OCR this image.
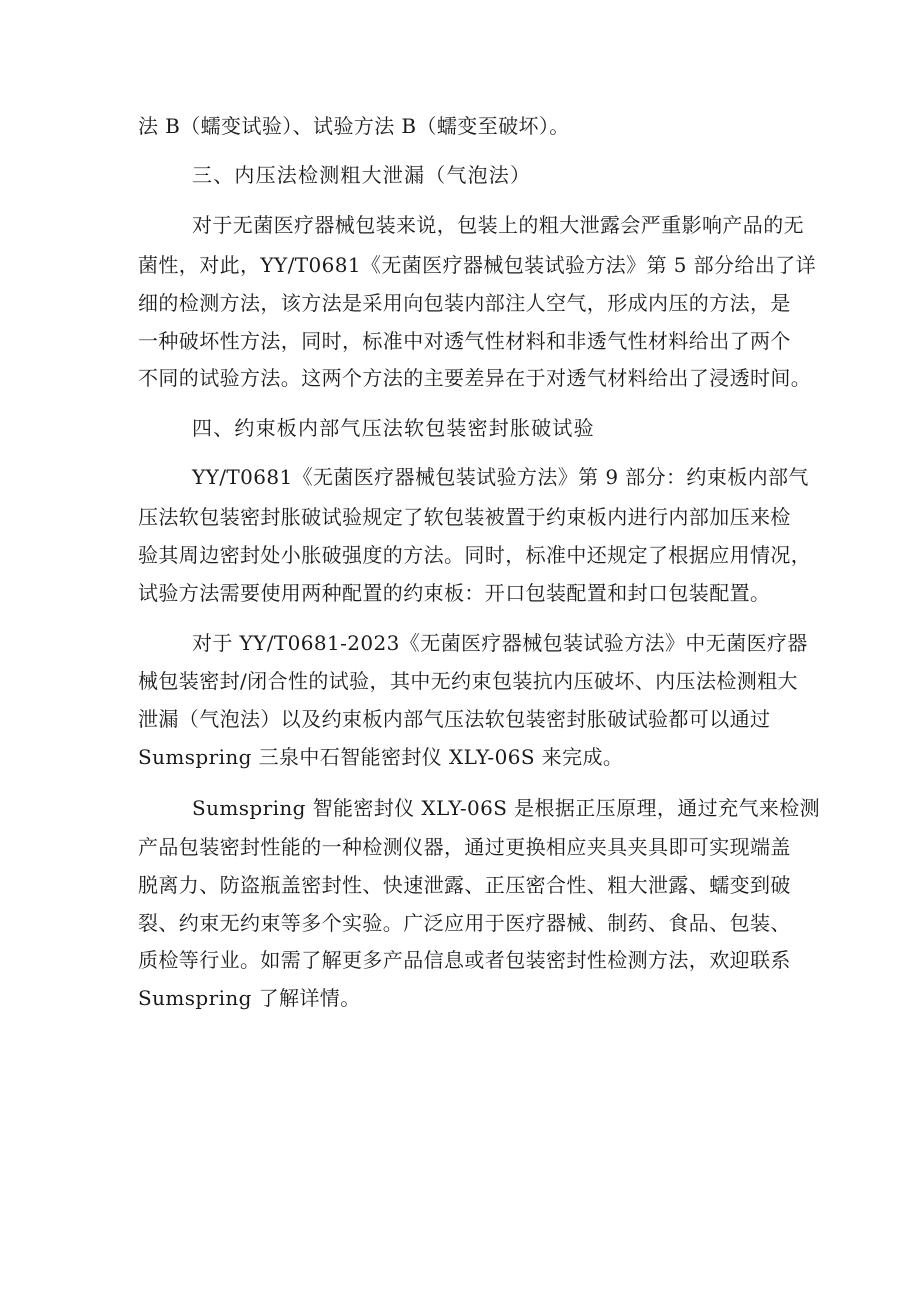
法 B（蠕变试验）、试验方法 B（蠕变至破坏）。
三、内压法检测粗大泄漏（气泡法）
对于无菌医疗器械包装来说，包装上的粗大泄露会严重影响产品的无
菌性，对此，YY/T0681《无菌医疗器械包装试验方法》第 5 部分给出了详
细的检测方法，该方法是采用向包装内部注人空气，形成内压的方法，是
一种破坏性方法，同时，标准中对透气性材料和非透气性材料给出了两个
不同的试验方法。这两个方法的主要差异在于对透气材料给出了浸透时间。
四、约束板内部气压法软包装密封胀破试验
YY/T0681《无菌医疗器械包装试验方法》第 9 部分：约束板内部气
压法软包装密封胀破试验规定了软包装被置于约束板内进行内部加压来检
验其周边密封处小胀破强度的方法。同时，标准中还规定了根据应用情况，
试验方法需要使用两种配置的约束板：开口包装配置和封口包装配置。
对于 YY/T0681-2023《无菌医疗器械包装试验方法》中无菌医疗器
械包装密封/闭合性的试验，其中无约束包装抗内压破坏、内压法检测粗大
泄漏（气泡法）以及约束板内部气压法软包装密封胀破试验都可以通过
Sumspring 三泉中石智能密封仪 XLY-06S 来完成。
Sumspring 智能密封仪 XLY-06S 是根据正压原理，通过充气来检测
产品包装密封性能的一种检测仪器，通过更换相应夹具夹具即可实现端盖
脱离力、防盗瓶盖密封性、快速泄露、正压密合性、粗大泄露、蠕变到破
裂、约束无约束等多个实验。广泛应用于医疗器械、制药、食品、包装、
质检等行业。如需了解更多产品信息或者包装密封性检测方法，欢迎联系
Sumspring 了解详情。
